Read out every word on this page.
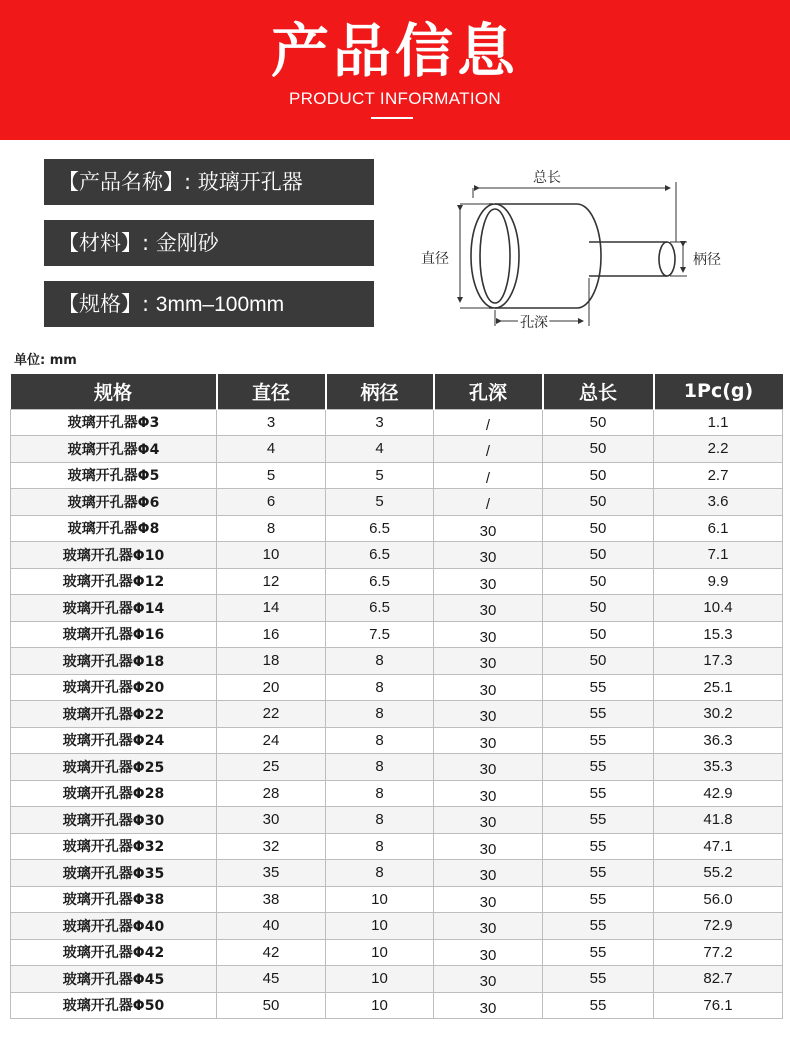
产品信息
PRODUCT INFORMATION
【产品名称】: 玻璃开孔器
【材料】: 金刚砂
【规格】: 3mm–100mm
总长
直径	柄径
孔深
单位: mm
规格	直径	柄径	孔深	总长	1Pc(g)
玻璃开孔器Φ3	3	3	/	50	1.1
玻璃开孔器Φ4	4	4	/	50	2.2
玻璃开孔器Φ5	5	5	/	50	2.7
玻璃开孔器Φ6	6	5	/	50	3.6
玻璃开孔器Φ8	8	6.5	30	50	6.1
玻璃开孔器Φ10	10	6.5	30	50	7.1
玻璃开孔器Φ12	12	6.5	30	50	9.9
玻璃开孔器Φ14	14	6.5	30	50	10.4
玻璃开孔器Φ16	16	7.5	30	50	15.3
玻璃开孔器Φ18	18	8	30	50	17.3
玻璃开孔器Φ20	20	8	30	55	25.1
玻璃开孔器Φ22	22	8	30	55	30.2
玻璃开孔器Φ24	24	8	30	55	36.3
玻璃开孔器Φ25	25	8	30	55	35.3
玻璃开孔器Φ28	28	8	30	55	42.9
玻璃开孔器Φ30	30	8	30	55	41.8
玻璃开孔器Φ32	32	8	30	55	47.1
玻璃开孔器Φ35	35	8	30	55	55.2
玻璃开孔器Φ38	38	10	30	55	56.0
玻璃开孔器Φ40	40	10	30	55	72.9
玻璃开孔器Φ42	42	10	30	55	77.2
玻璃开孔器Φ45	45	10	30	55	82.7
玻璃开孔器Φ50	50	10	30	55	76.1
